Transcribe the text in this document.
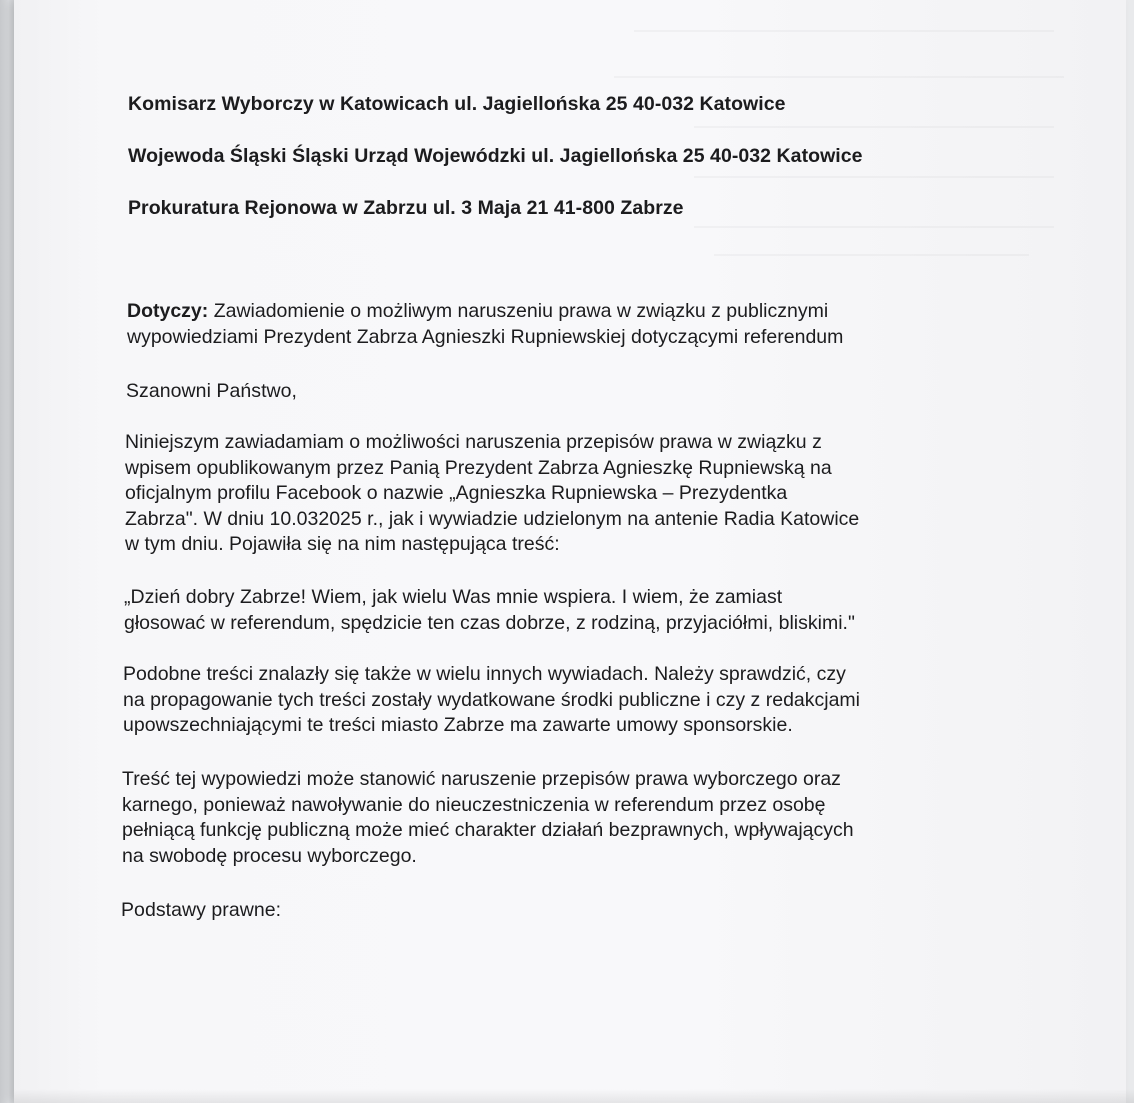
————————————————————————————
——————————————————————————————
————————————————————————
————————————————————————
————————————————————————
—————————————————————
Komisarz Wyborczy w Katowicach ul. Jagiellońska 25 40-032 Katowice
Wojewoda Śląski Śląski Urząd Wojewódzki ul. Jagiellońska 25 40-032 Katowice
Prokuratura Rejonowa w Zabrzu ul. 3 Maja 21 41-800 Zabrze
Dotyczy: Zawiadomienie o możliwym naruszeniu prawa w związku z publicznymi
wypowiedziami Prezydent Zabrza Agnieszki Rupniewskiej dotyczącymi referendum
Szanowni Państwo,
Niniejszym zawiadamiam o możliwości naruszenia przepisów prawa w związku z
wpisem opublikowanym przez Panią Prezydent Zabrza Agnieszkę Rupniewską na
oficjalnym profilu Facebook o nazwie „Agnieszka Rupniewska – Prezydentka
Zabrza". W dniu 10.032025 r., jak i wywiadzie udzielonym na antenie Radia Katowice
w tym dniu. Pojawiła się na nim następująca treść:
„Dzień dobry Zabrze! Wiem, jak wielu Was mnie wspiera. I wiem, że zamiast
głosować w referendum, spędzicie ten czas dobrze, z rodziną, przyjaciółmi, bliskimi."
Podobne treści znalazły się także w wielu innych wywiadach. Należy sprawdzić, czy
na propagowanie tych treści zostały wydatkowane środki publiczne i czy z redakcjami
upowszechniającymi te treści miasto Zabrze ma zawarte umowy sponsorskie.
Treść tej wypowiedzi może stanowić naruszenie przepisów prawa wyborczego oraz
karnego, ponieważ nawoływanie do nieuczestniczenia w referendum przez osobę
pełniącą funkcję publiczną może mieć charakter działań bezprawnych, wpływających
na swobodę procesu wyborczego.
Podstawy prawne:
